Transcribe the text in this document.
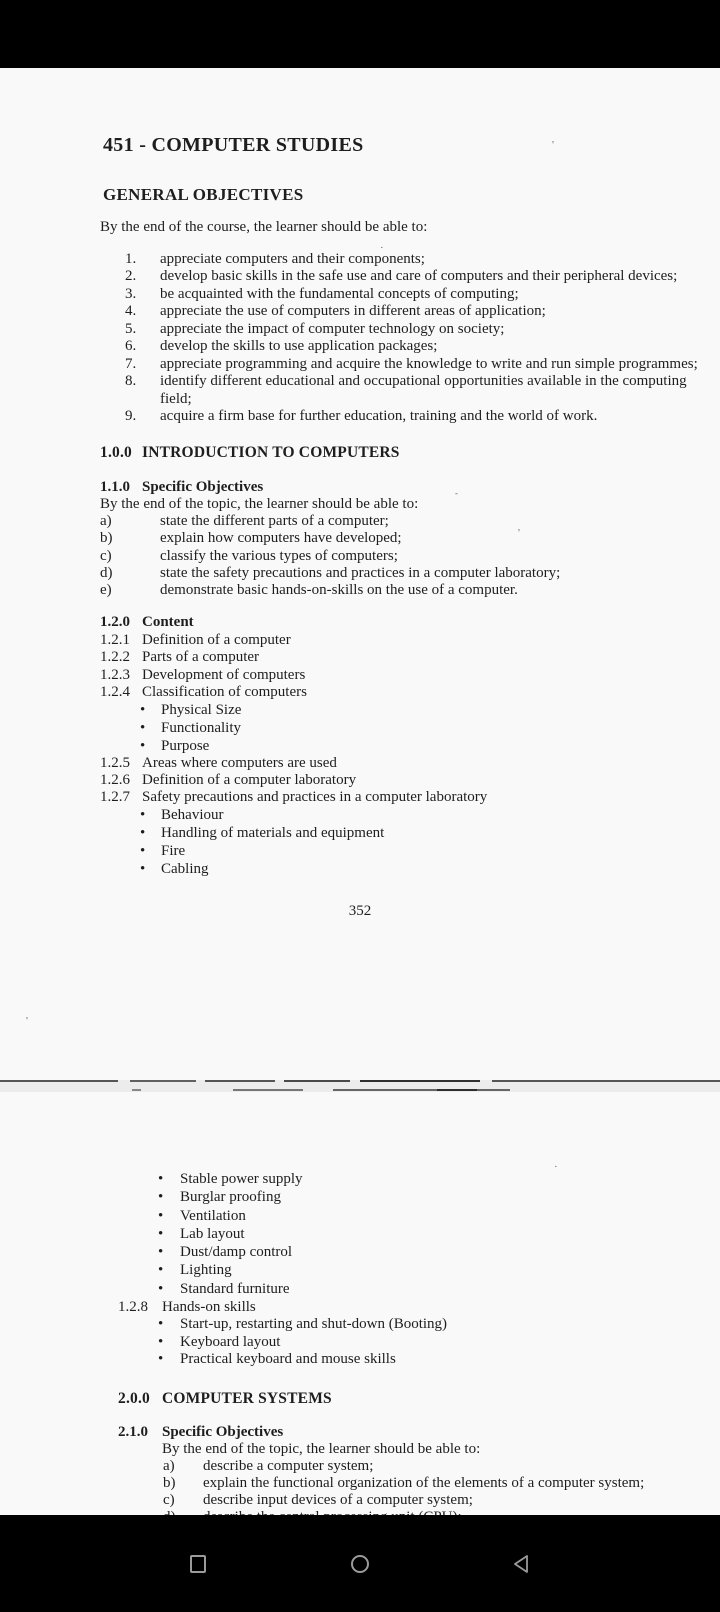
451 - COMPUTER STUDIES
GENERAL OBJECTIVES

By the end of the course, the learner should be able to:

1.	appreciate computers and their components;
2.	develop basic skills in the safe use and care of computers and their peripheral devices;
3.	be acquainted with the fundamental concepts of computing;
4.	appreciate the use of computers in different areas of application;
5.	appreciate the impact of computer technology on society;
6.	develop the skills to use application packages;
7.	appreciate programming and acquire the knowledge to write and run simple programmes;
8.	identify different educational and occupational opportunities available in the computing field;
9.	acquire a firm base for further education, training and the world of work.
1.0.0 INTRODUCTION TO COMPUTERS
1.1.0 Specific Objectives

By the end of the topic, the learner should be able to:

a)	state the different parts of a computer;
b)	explain how computers have developed;
c)	classify the various types of computers;
d)	state the safety precautions and practices in a computer laboratory;
e)	demonstrate basic hands-on-skills on the use of a computer.
1.2.0 Content
1.2.1 Definition of a computer
1.2.2 Parts of a computer
1.2.3 Development of computers
1.2.4 Classification of computers
•
Physical Size
•
Functionality
•
Purpose
1.2.5 Areas where computers are used
1.2.6 Definition of a computer laboratory
1.2.7 Safety precautions and practices in a computer laboratory
•
Behaviour
•
Handling of materials and equipment
•
Fire
•
Cabling
352
•
Stable power supply
•
Burglar proofing
•
Ventilation
•
Lab layout
•
Dust/damp control
•
Lighting
•
Standard furniture
1.2.8 Hands-on skills
•
Start-up, restarting and shut-down (Booting)
•
Keyboard layout
•
Practical keyboard and mouse skills
2.0.0 COMPUTER SYSTEMS
2.1.0 Specific Objectives

By the end of the topic, the learner should be able to:

a)	describe a computer system;
b)	explain the functional organization of the elements of a computer system;
c)	describe input devices of a computer system;
'
·
-
'
'
·
